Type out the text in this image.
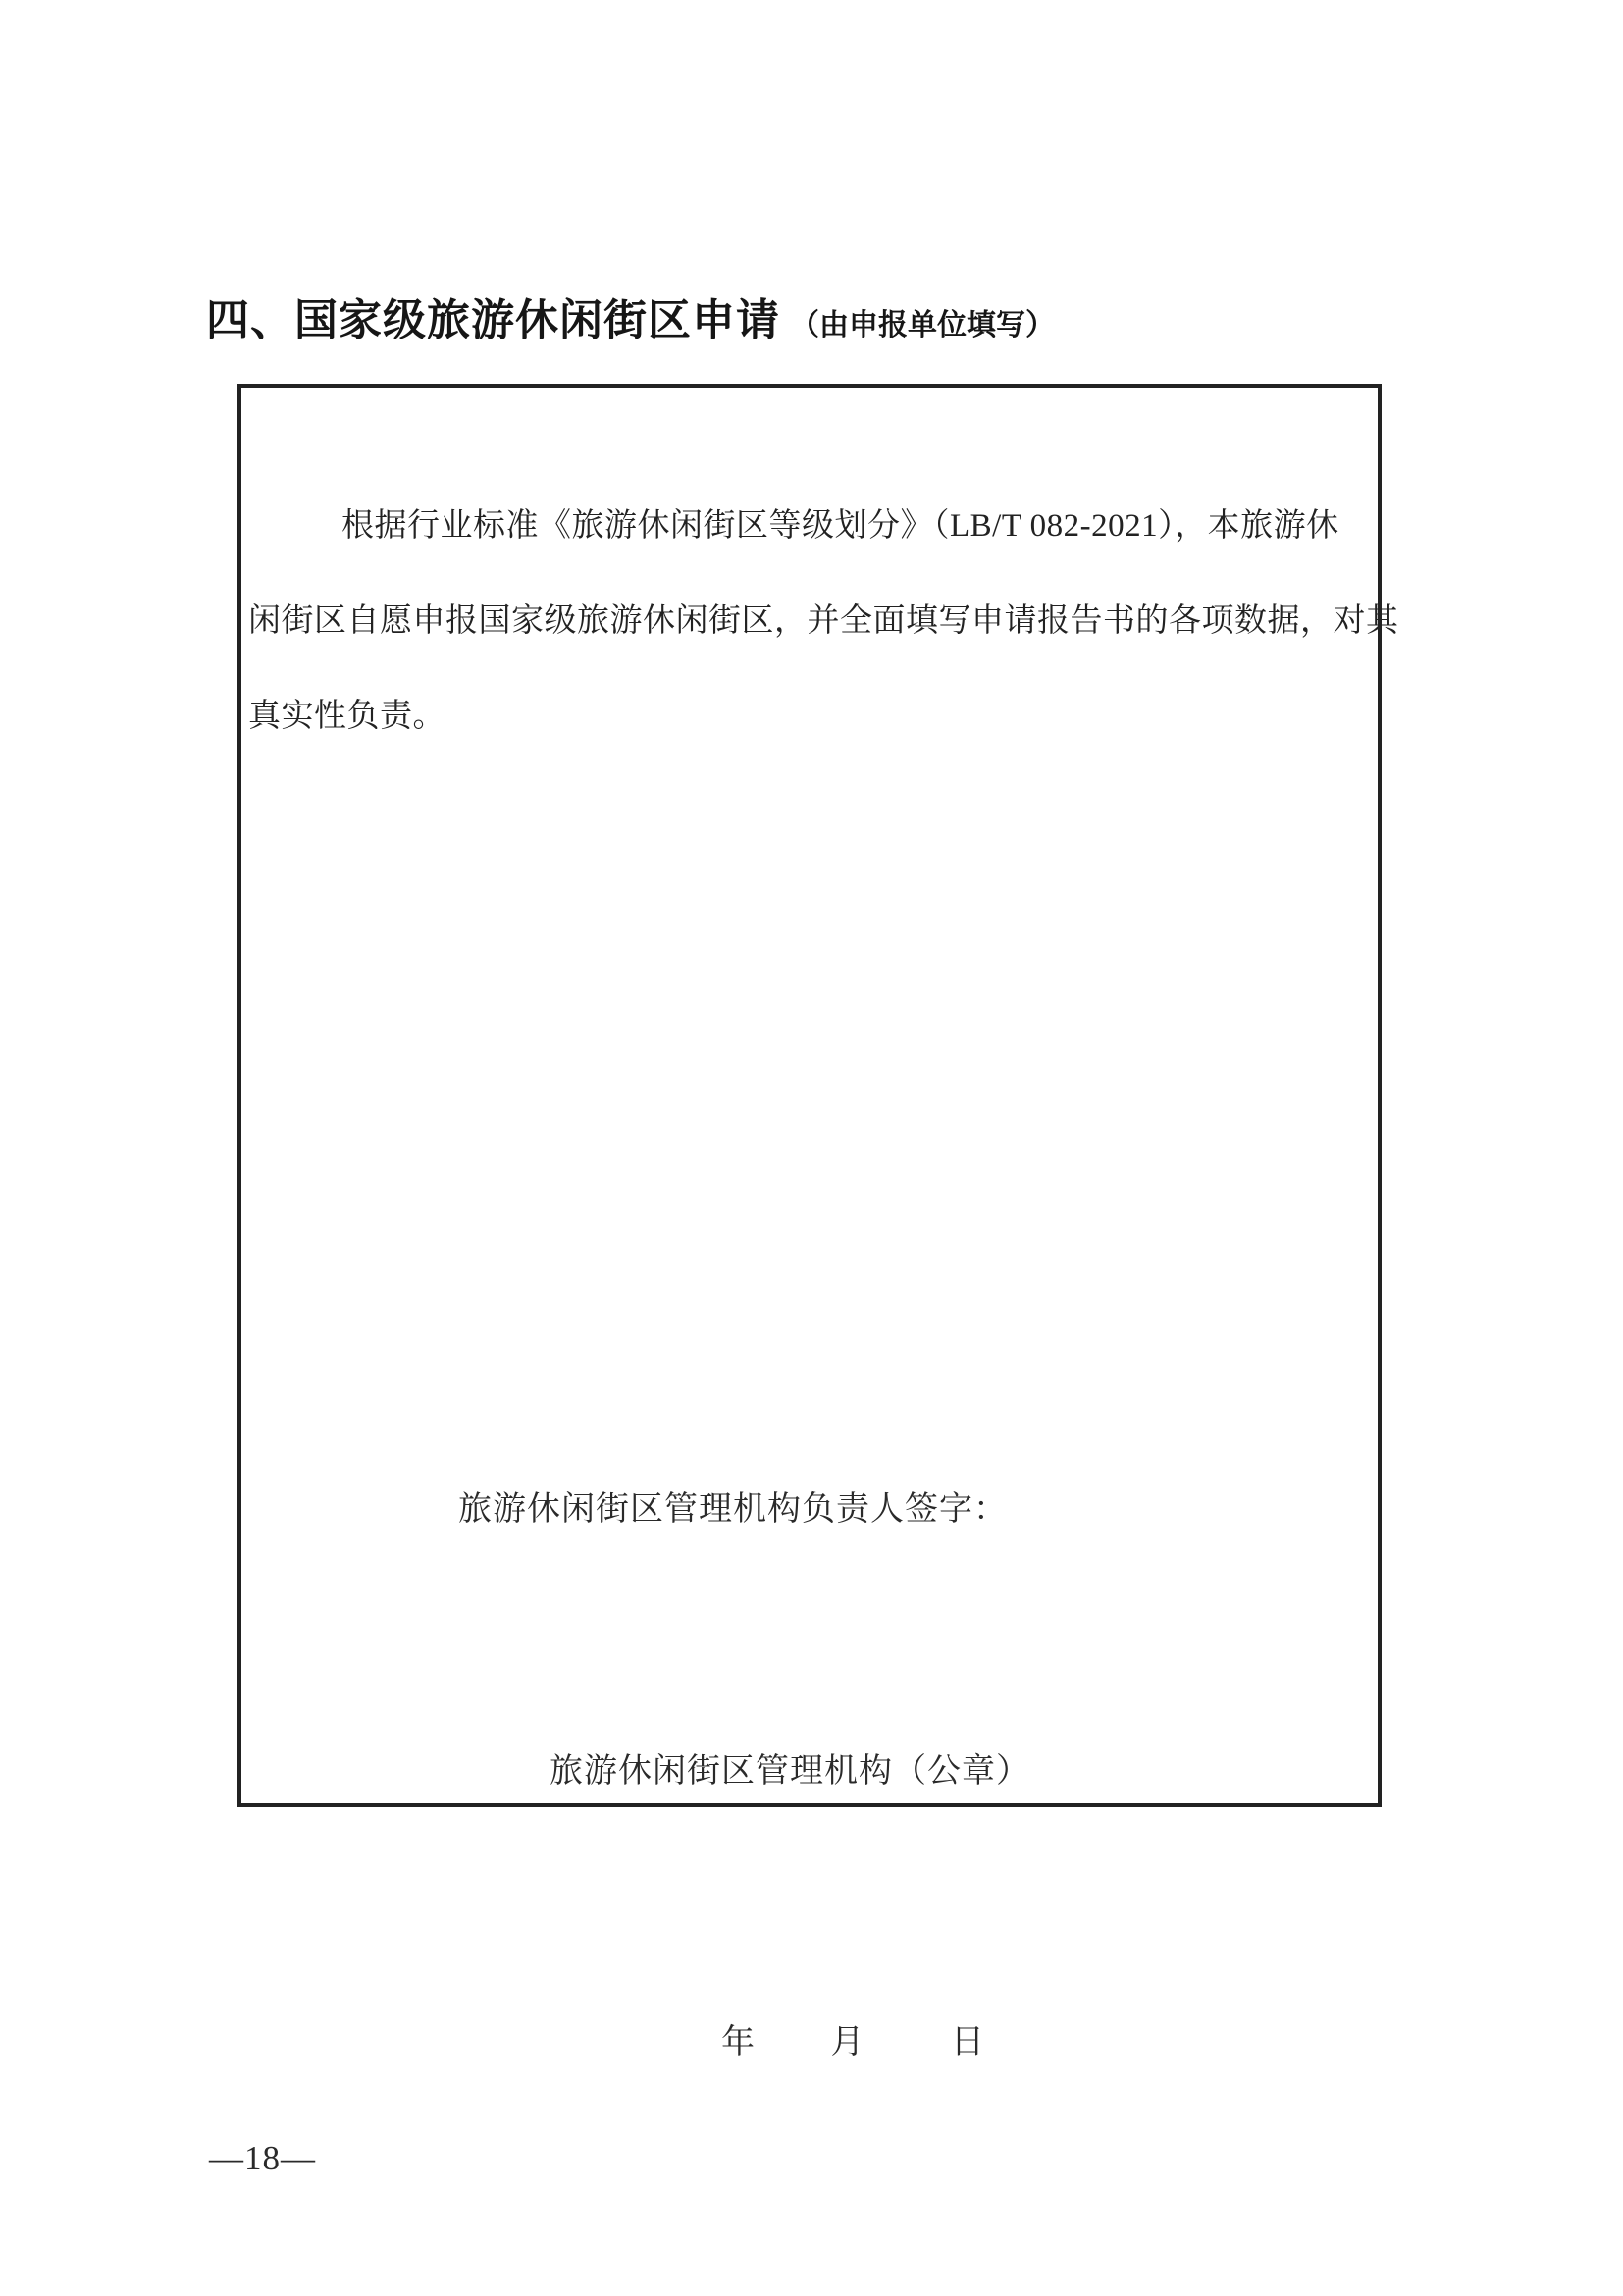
四、国家级旅游休闲街区申请 （由申报单位填写）
根据行业标准《旅游休闲街区等级划分》（LB/T 082-2021），本旅游休
闲街区自愿申报国家级旅游休闲街区，并全面填写申请报告书的各项数据，对其
真实性负责。
旅游休闲街区管理机构负责人签字：
旅游休闲街区管理机构（公章）
年 月	日
—18—
